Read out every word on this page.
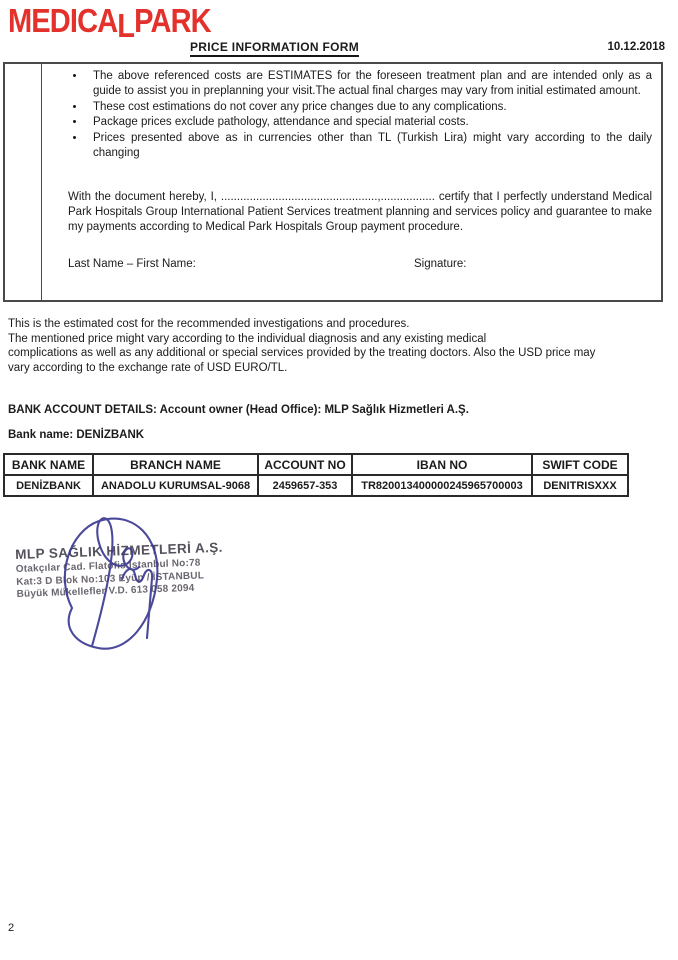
MEDICALPARK
PRICE INFORMATION FORM	10.12.2018
• The above referenced costs are ESTIMATES for the foreseen treatment plan and are intended only as a guide to assist you in preplanning your visit.The actual final charges may vary from initial estimated amount.
• These cost estimations do not cover any price changes due to any complications.
• Package prices exclude pathology, attendance and special material costs.
• Prices presented above as in currencies other than TL (Turkish Lira) might vary according to the daily changing

With the document hereby, I, .................................................,................. certify that I perfectly understand Medical Park Hospitals Group International Patient Services treatment planning and services policy and guarantee to make my payments according to Medical Park Hospitals Group payment procedure.

Last Name – First Name:	Signature:
This is the estimated cost for the recommended investigations and procedures.
The mentioned price might vary according to the individual diagnosis and any existing medical
complications as well as any additional or special services provided by the treating doctors. Also the USD price may
vary according to the exchange rate of USD EURO/TL.
BANK ACCOUNT DETAILS: Account owner (Head Office): MLP Sağlık Hizmetleri A.Ş.
Bank name: DENİZBANK
BANK NAME	BRANCH NAME	ACCOUNT NO	IBAN NO	SWIFT CODE
DENİZBANK	ANADOLU KURUMSAL-9068	2459657-353	TR820013400000245965700003	DENITRISXXX
MLP SAĞLIK HİZMETLERİ A.Ş.
Otakçılar Cad. Flatofis İstanbul No:78
Kat:3 D Blok No:103 Eyüp / İSTANBUL
Büyük Mükellefler V.D. 613 058 2094
2
